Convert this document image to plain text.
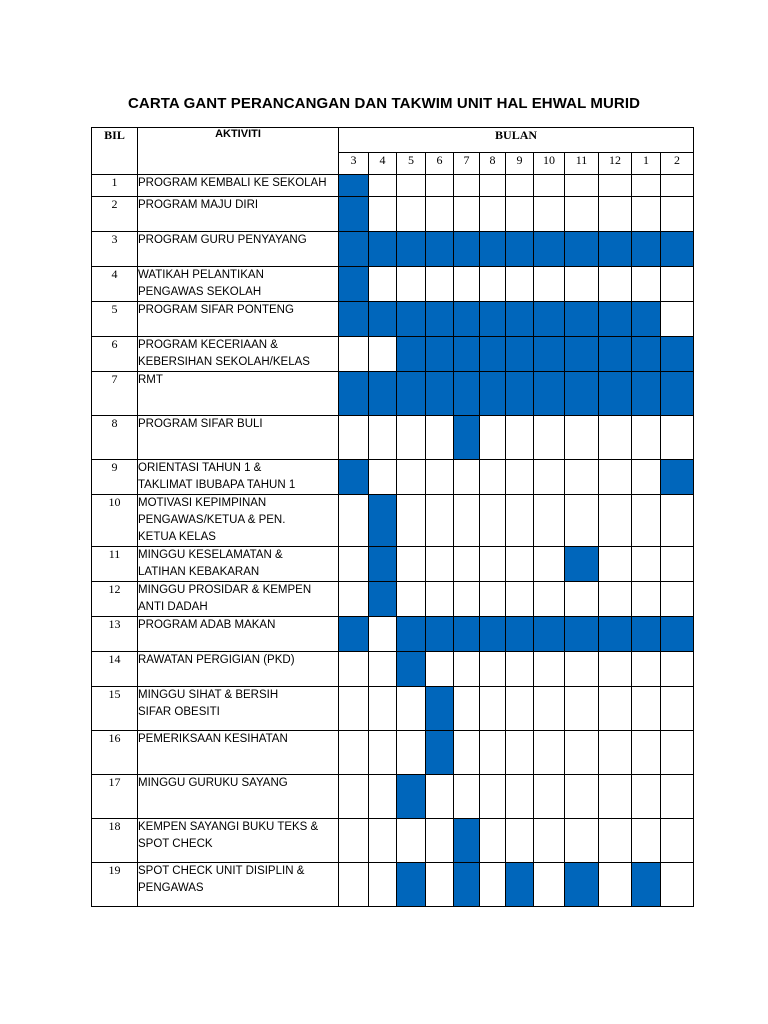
CARTA GANT PERANCANGAN DAN TAKWIM UNIT HAL EHWAL MURID
BIL	AKTIVITI	BULAN											
		3	4	5	6	7	8	9	10	11	12	1	2
1	PROGRAM KEMBALI KE SEKOLAH												
2	PROGRAM MAJU DIRI												
3	PROGRAM GURU PENYAYANG												
4	WATIKAH PELANTIKAN
PENGAWAS SEKOLAH												
5	PROGRAM SIFAR PONTENG												
6	PROGRAM KECERIAAN &
KEBERSIHAN SEKOLAH/KELAS												
7	RMT												
8	PROGRAM SIFAR BULI												
9	ORIENTASI TAHUN 1 &
TAKLIMAT IBUBAPA TAHUN 1												
10	MOTIVASI KEPIMPINAN
PENGAWAS/KETUA & PEN.
KETUA KELAS												
11	MINGGU KESELAMATAN &
LATIHAN KEBAKARAN												
12	MINGGU PROSIDAR & KEMPEN
ANTI DADAH												
13	PROGRAM ADAB MAKAN												
14	RAWATAN PERGIGIAN (PKD)												
15	MINGGU SIHAT & BERSIH
SIFAR OBESITI												
16	PEMERIKSAAN KESIHATAN												
17	MINGGU GURUKU SAYANG												
18	KEMPEN SAYANGI BUKU TEKS &
SPOT CHECK												
19	SPOT CHECK UNIT DISIPLIN &
PENGAWAS												
